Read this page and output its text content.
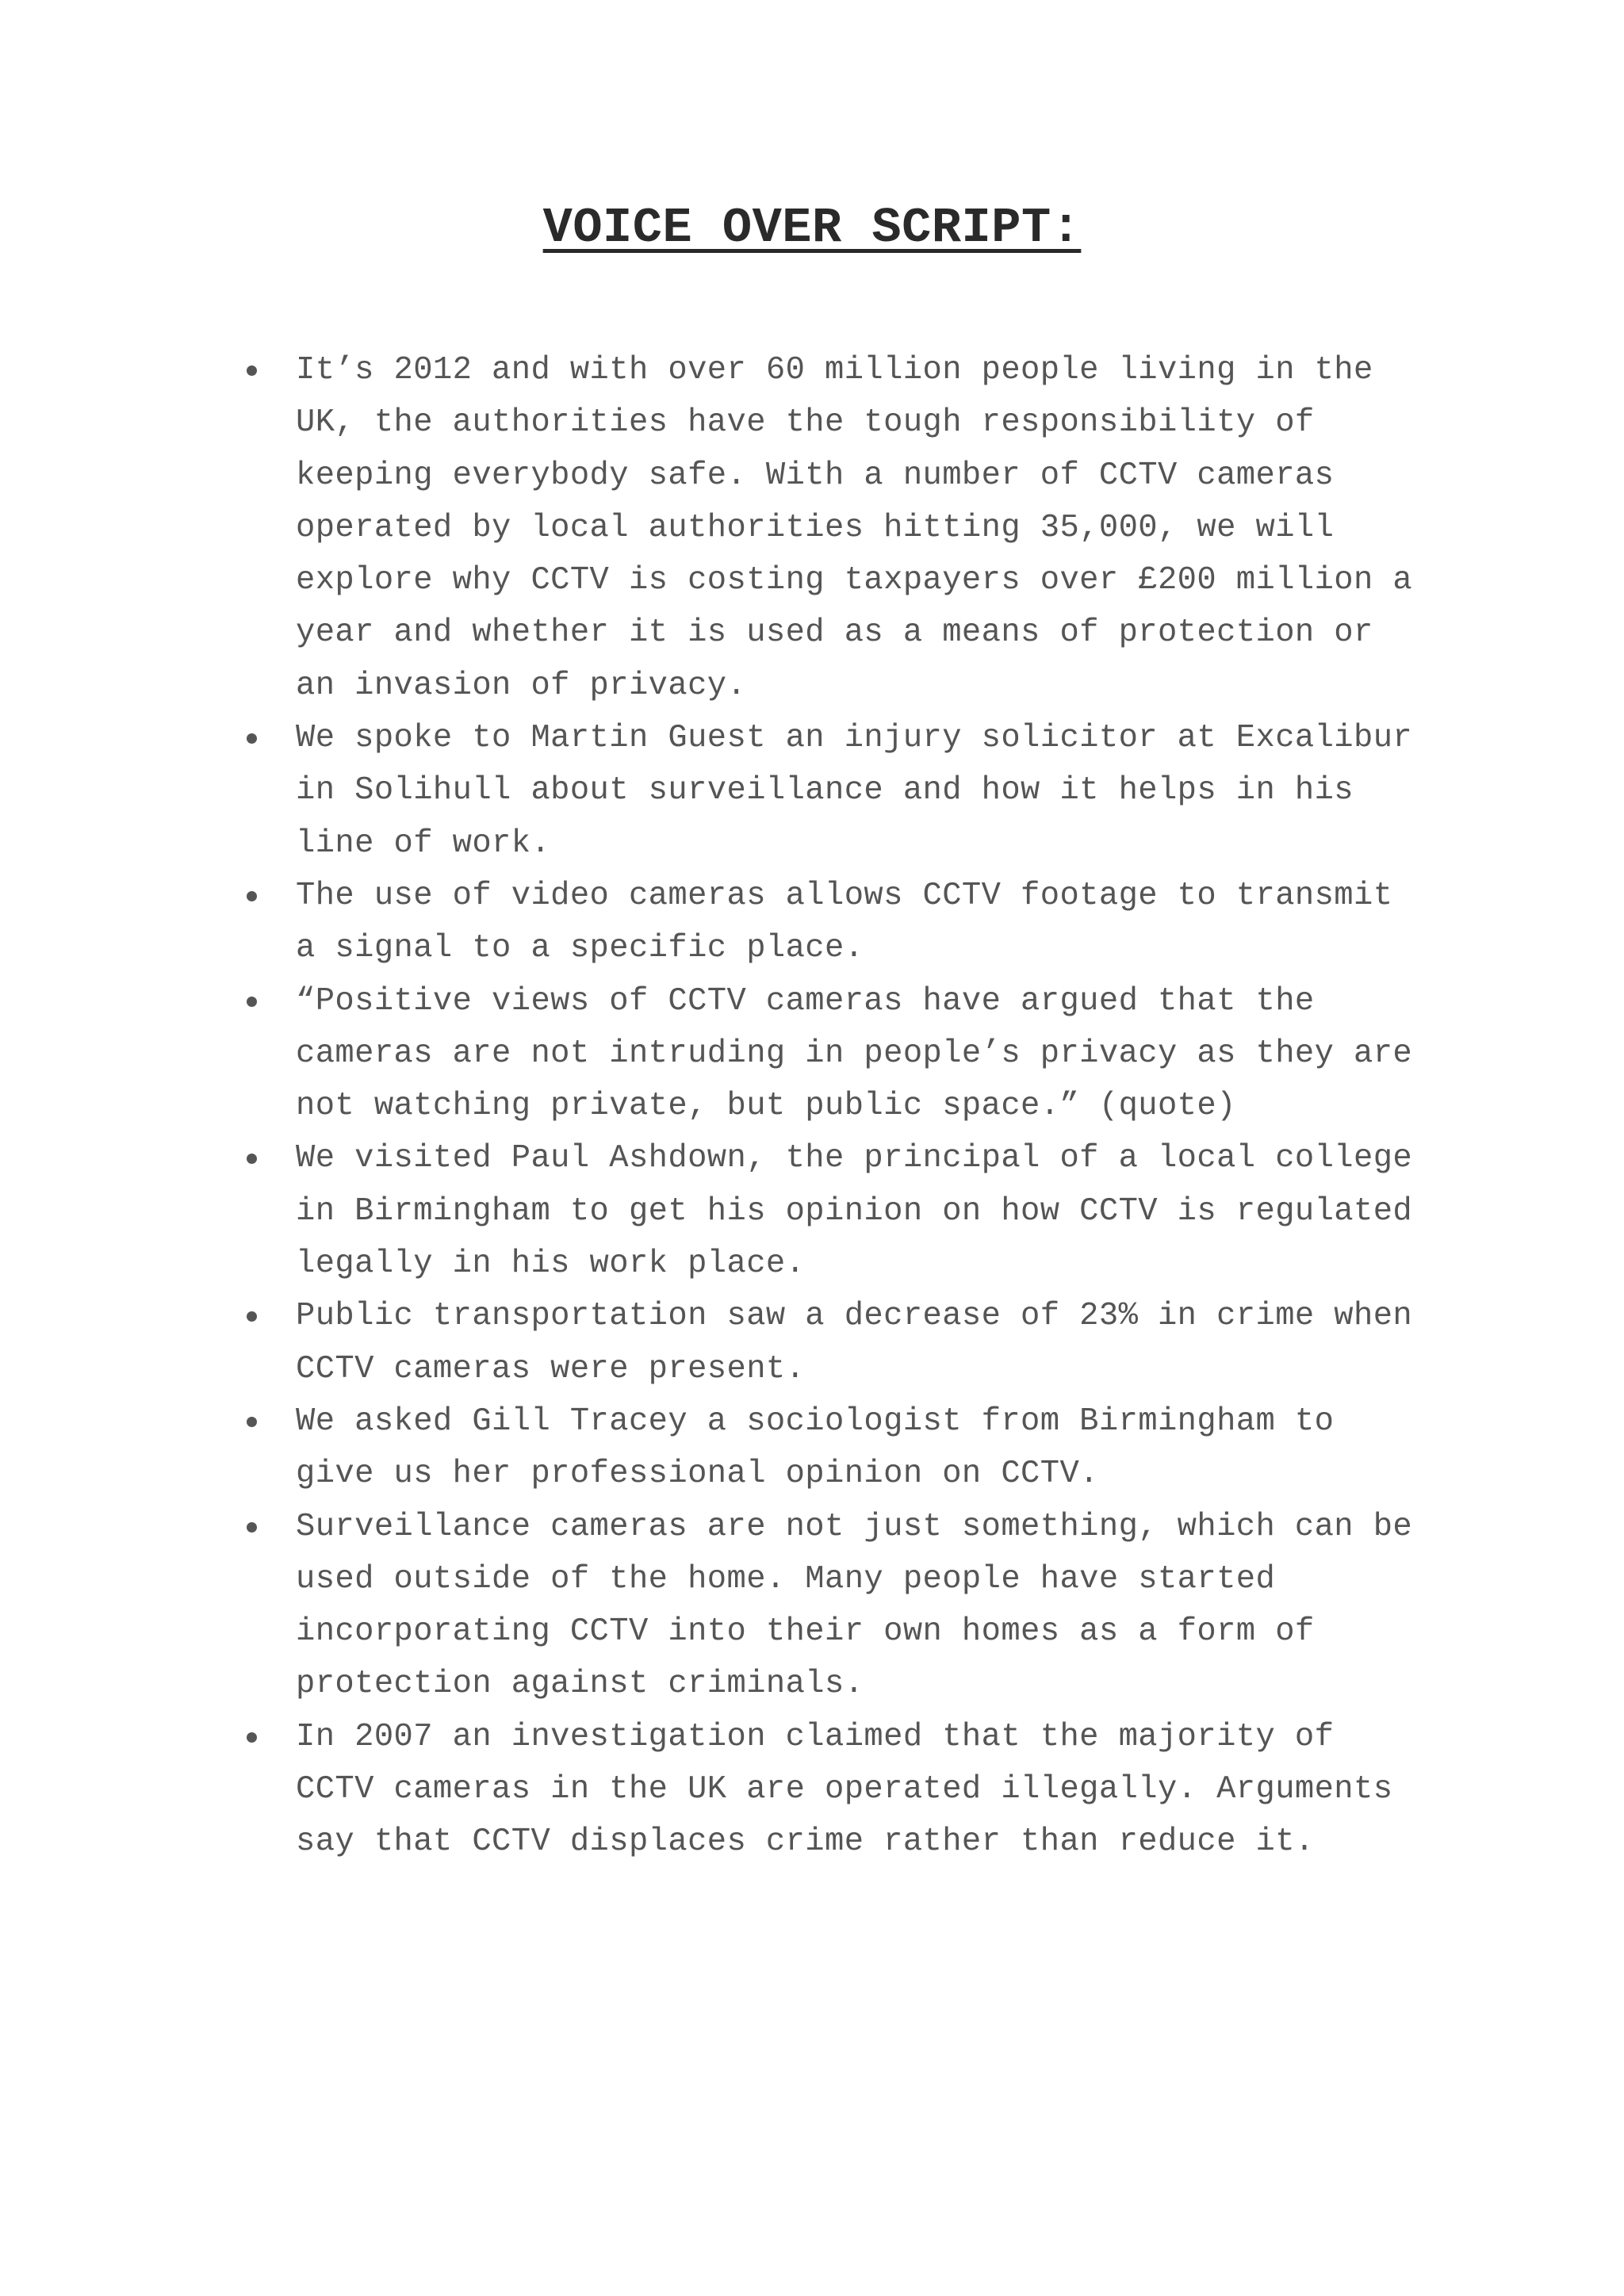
VOICE OVER SCRIPT:
It’s 2012 and with over 60 million people living in the
UK, the authorities have the tough responsibility of
keeping everybody safe. With a number of CCTV cameras
operated by local authorities hitting 35,000, we will
explore why CCTV is costing taxpayers over £200 million a
year and whether it is used as a means of protection or
an invasion of privacy.
We spoke to Martin Guest an injury solicitor at Excalibur
in Solihull about surveillance and how it helps in his
line of work.
The use of video cameras allows CCTV footage to transmit
a signal to a specific place.
“Positive views of CCTV cameras have argued that the
cameras are not intruding in people’s privacy as they are
not watching private, but public space.” (quote)
We visited Paul Ashdown, the principal of a local college
in Birmingham to get his opinion on how CCTV is regulated
legally in his work place.
Public transportation saw a decrease of 23% in crime when
CCTV cameras were present.
We asked Gill Tracey a sociologist from Birmingham to
give us her professional opinion on CCTV.
Surveillance cameras are not just something, which can be
used outside of the home. Many people have started
incorporating CCTV into their own homes as a form of
protection against criminals.
In 2007 an investigation claimed that the majority of
CCTV cameras in the UK are operated illegally. Arguments
say that CCTV displaces crime rather than reduce it.
